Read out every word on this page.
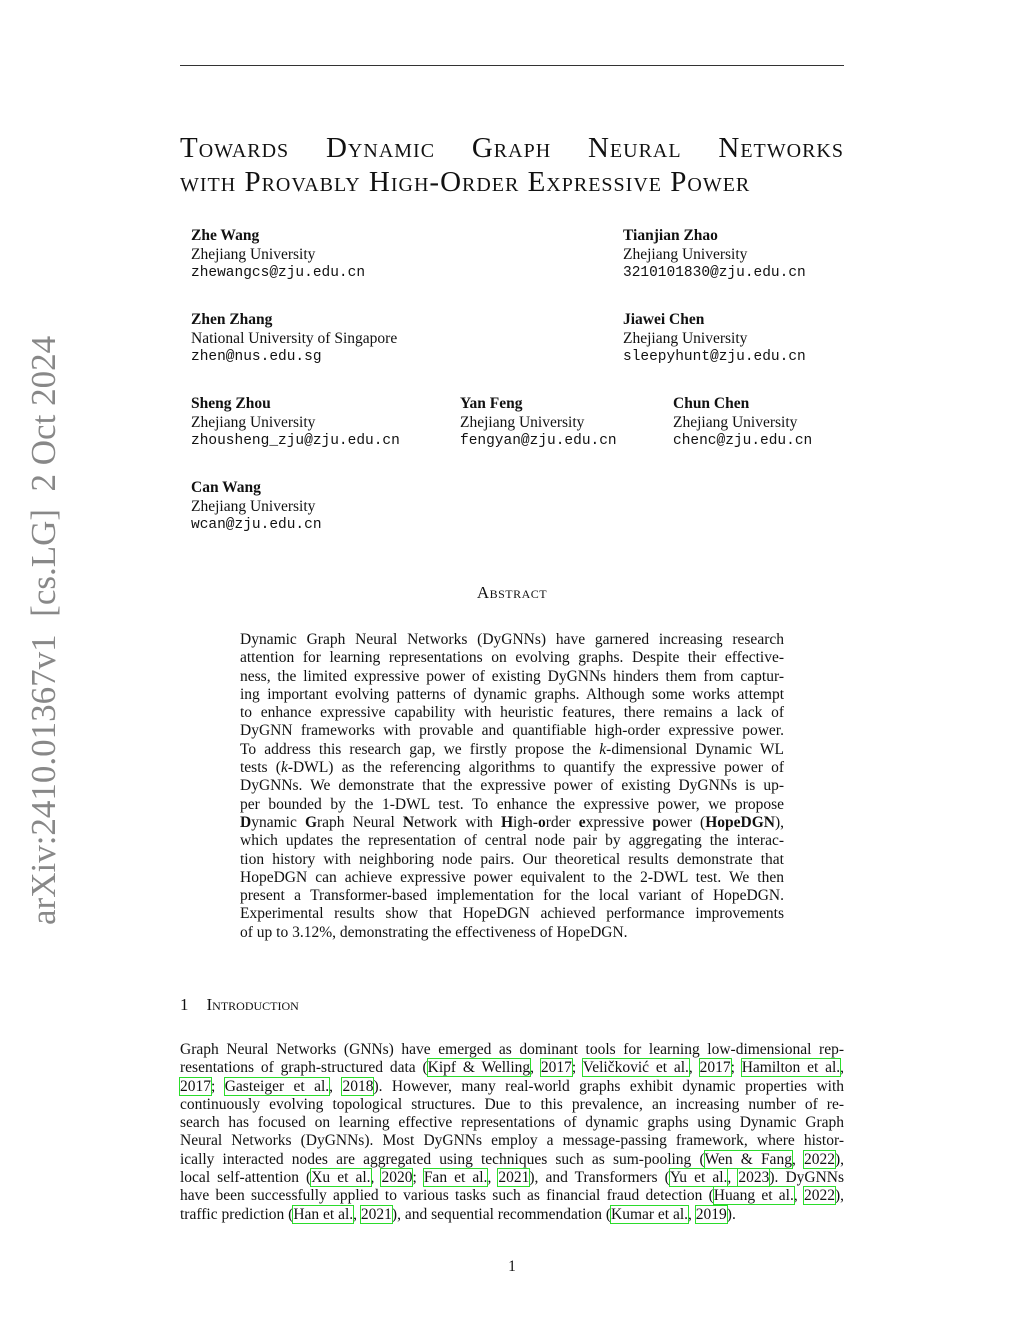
arXiv:2410.01367v1  [cs.LG]  2 Oct 2024
Towards Dynamic Graph Neural Networks
with Provably High-Order Expressive Power
Zhe Wang
Zhejiang University
zhewangcs@zju.edu.cn
Tianjian Zhao
Zhejiang University
3210101830@zju.edu.cn
Zhen Zhang
National University of Singapore
zhen@nus.edu.sg
Jiawei Chen
Zhejiang University
sleepyhunt@zju.edu.cn
Sheng Zhou
Zhejiang University
zhousheng_zju@zju.edu.cn
Yan Feng
Zhejiang University
fengyan@zju.edu.cn
Chun Chen
Zhejiang University
chenc@zju.edu.cn
Can Wang
Zhejiang University
wcan@zju.edu.cn
Abstract
Dynamic Graph Neural Networks (DyGNNs) have garnered increasing research
attention for learning representations on evolving graphs. Despite their effective-
ness, the limited expressive power of existing DyGNNs hinders them from captur-
ing important evolving patterns of dynamic graphs. Although some works attempt
to enhance expressive capability with heuristic features, there remains a lack of
DyGNN frameworks with provable and quantifiable high-order expressive power.
To address this research gap, we firstly propose the k-dimensional Dynamic WL
tests (k-DWL) as the referencing algorithms to quantify the expressive power of
DyGNNs. We demonstrate that the expressive power of existing DyGNNs is up-
per bounded by the 1-DWL test. To enhance the expressive power, we propose
Dynamic Graph Neural Network with High-order expressive power (HopeDGN),
which updates the representation of central node pair by aggregating the interac-
tion history with neighboring node pairs. Our theoretical results demonstrate that
HopeDGN can achieve expressive power equivalent to the 2-DWL test. We then
present a Transformer-based implementation for the local variant of HopeDGN.
Experimental results show that HopeDGN achieved performance improvements
of up to 3.12%, demonstrating the effectiveness of HopeDGN.
1 Introduction
Graph Neural Networks (GNNs) have emerged as dominant tools for learning low-dimensional rep-
resentations of graph-structured data (Kipf & Welling, 2017; Veličković et al., 2017; Hamilton et al.,
2017; Gasteiger et al., 2018). However, many real-world graphs exhibit dynamic properties with
continuously evolving topological structures. Due to this prevalence, an increasing number of re-
search has focused on learning effective representations of dynamic graphs using Dynamic Graph
Neural Networks (DyGNNs). Most DyGNNs employ a message-passing framework, where histor-
ically interacted nodes are aggregated using techniques such as sum-pooling (Wen & Fang, 2022),
local self-attention (Xu et al., 2020; Fan et al., 2021), and Transformers (Yu et al., 2023). DyGNNs
have been successfully applied to various tasks such as financial fraud detection (Huang et al., 2022),
traffic prediction (Han et al., 2021), and sequential recommendation (Kumar et al., 2019).
1
